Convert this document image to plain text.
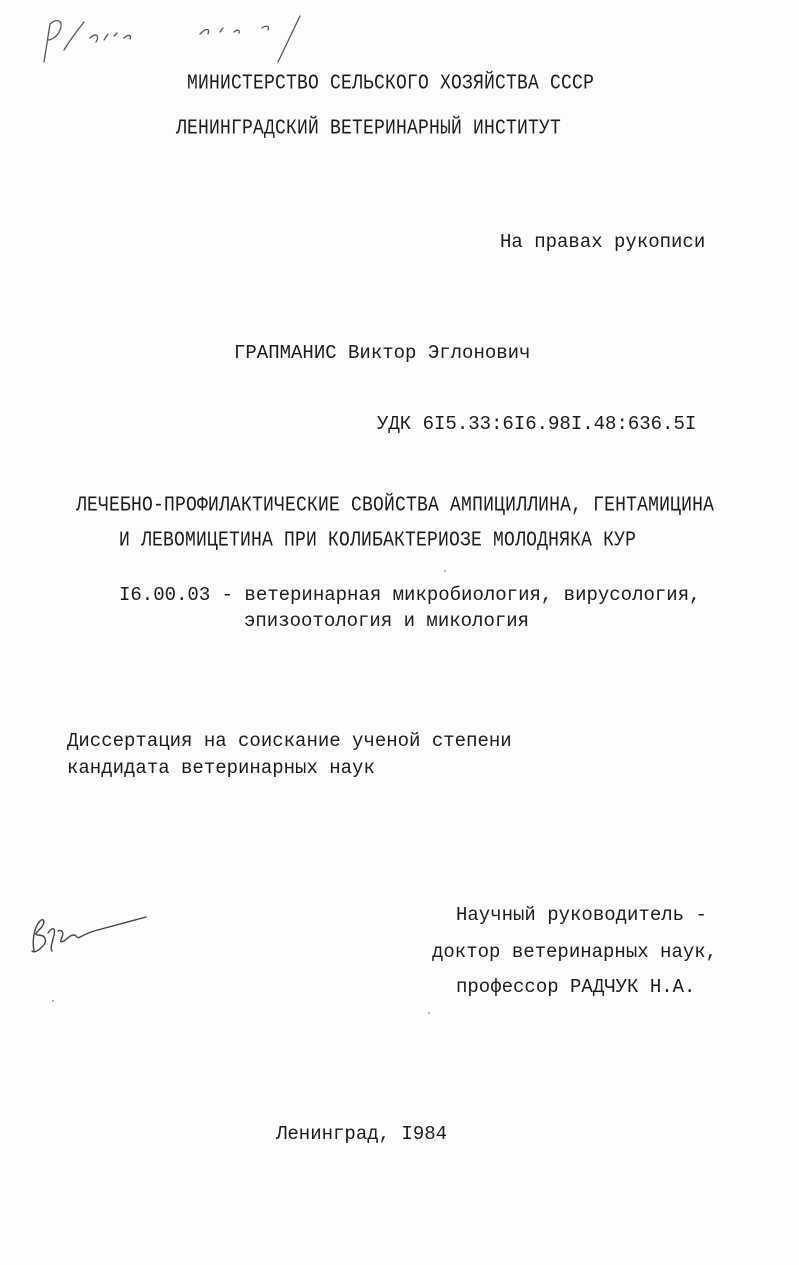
МИНИСТЕРСТВО СЕЛЬСКОГО ХОЗЯЙСТВА СССР
ЛЕНИНГРАДСКИЙ ВЕТЕРИНАРНЫЙ ИНСТИТУТ
На правах рукописи
ГРАПМАНИС Виктор Эглонович
УДК 6I5.33:6I6.98I.48:636.5I
ЛЕЧЕБНО-ПРОФИЛАКТИЧЕСКИЕ СВОЙСТВА АМПИЦИЛЛИНА, ГЕНТАМИЦИНА
И ЛЕВОМИЦЕТИНА ПРИ КОЛИБАКТЕРИОЗЕ МОЛОДНЯКА КУР
I6.00.03 - ветеринарная микробиология, вирусология,
эпизоотология и микология
Диссертация на соискание ученой степени
кандидата ветеринарных наук
Научный руководитель -
доктор ветеринарных наук,
профессор РАДЧУК Н.А.
Ленинград, I984
